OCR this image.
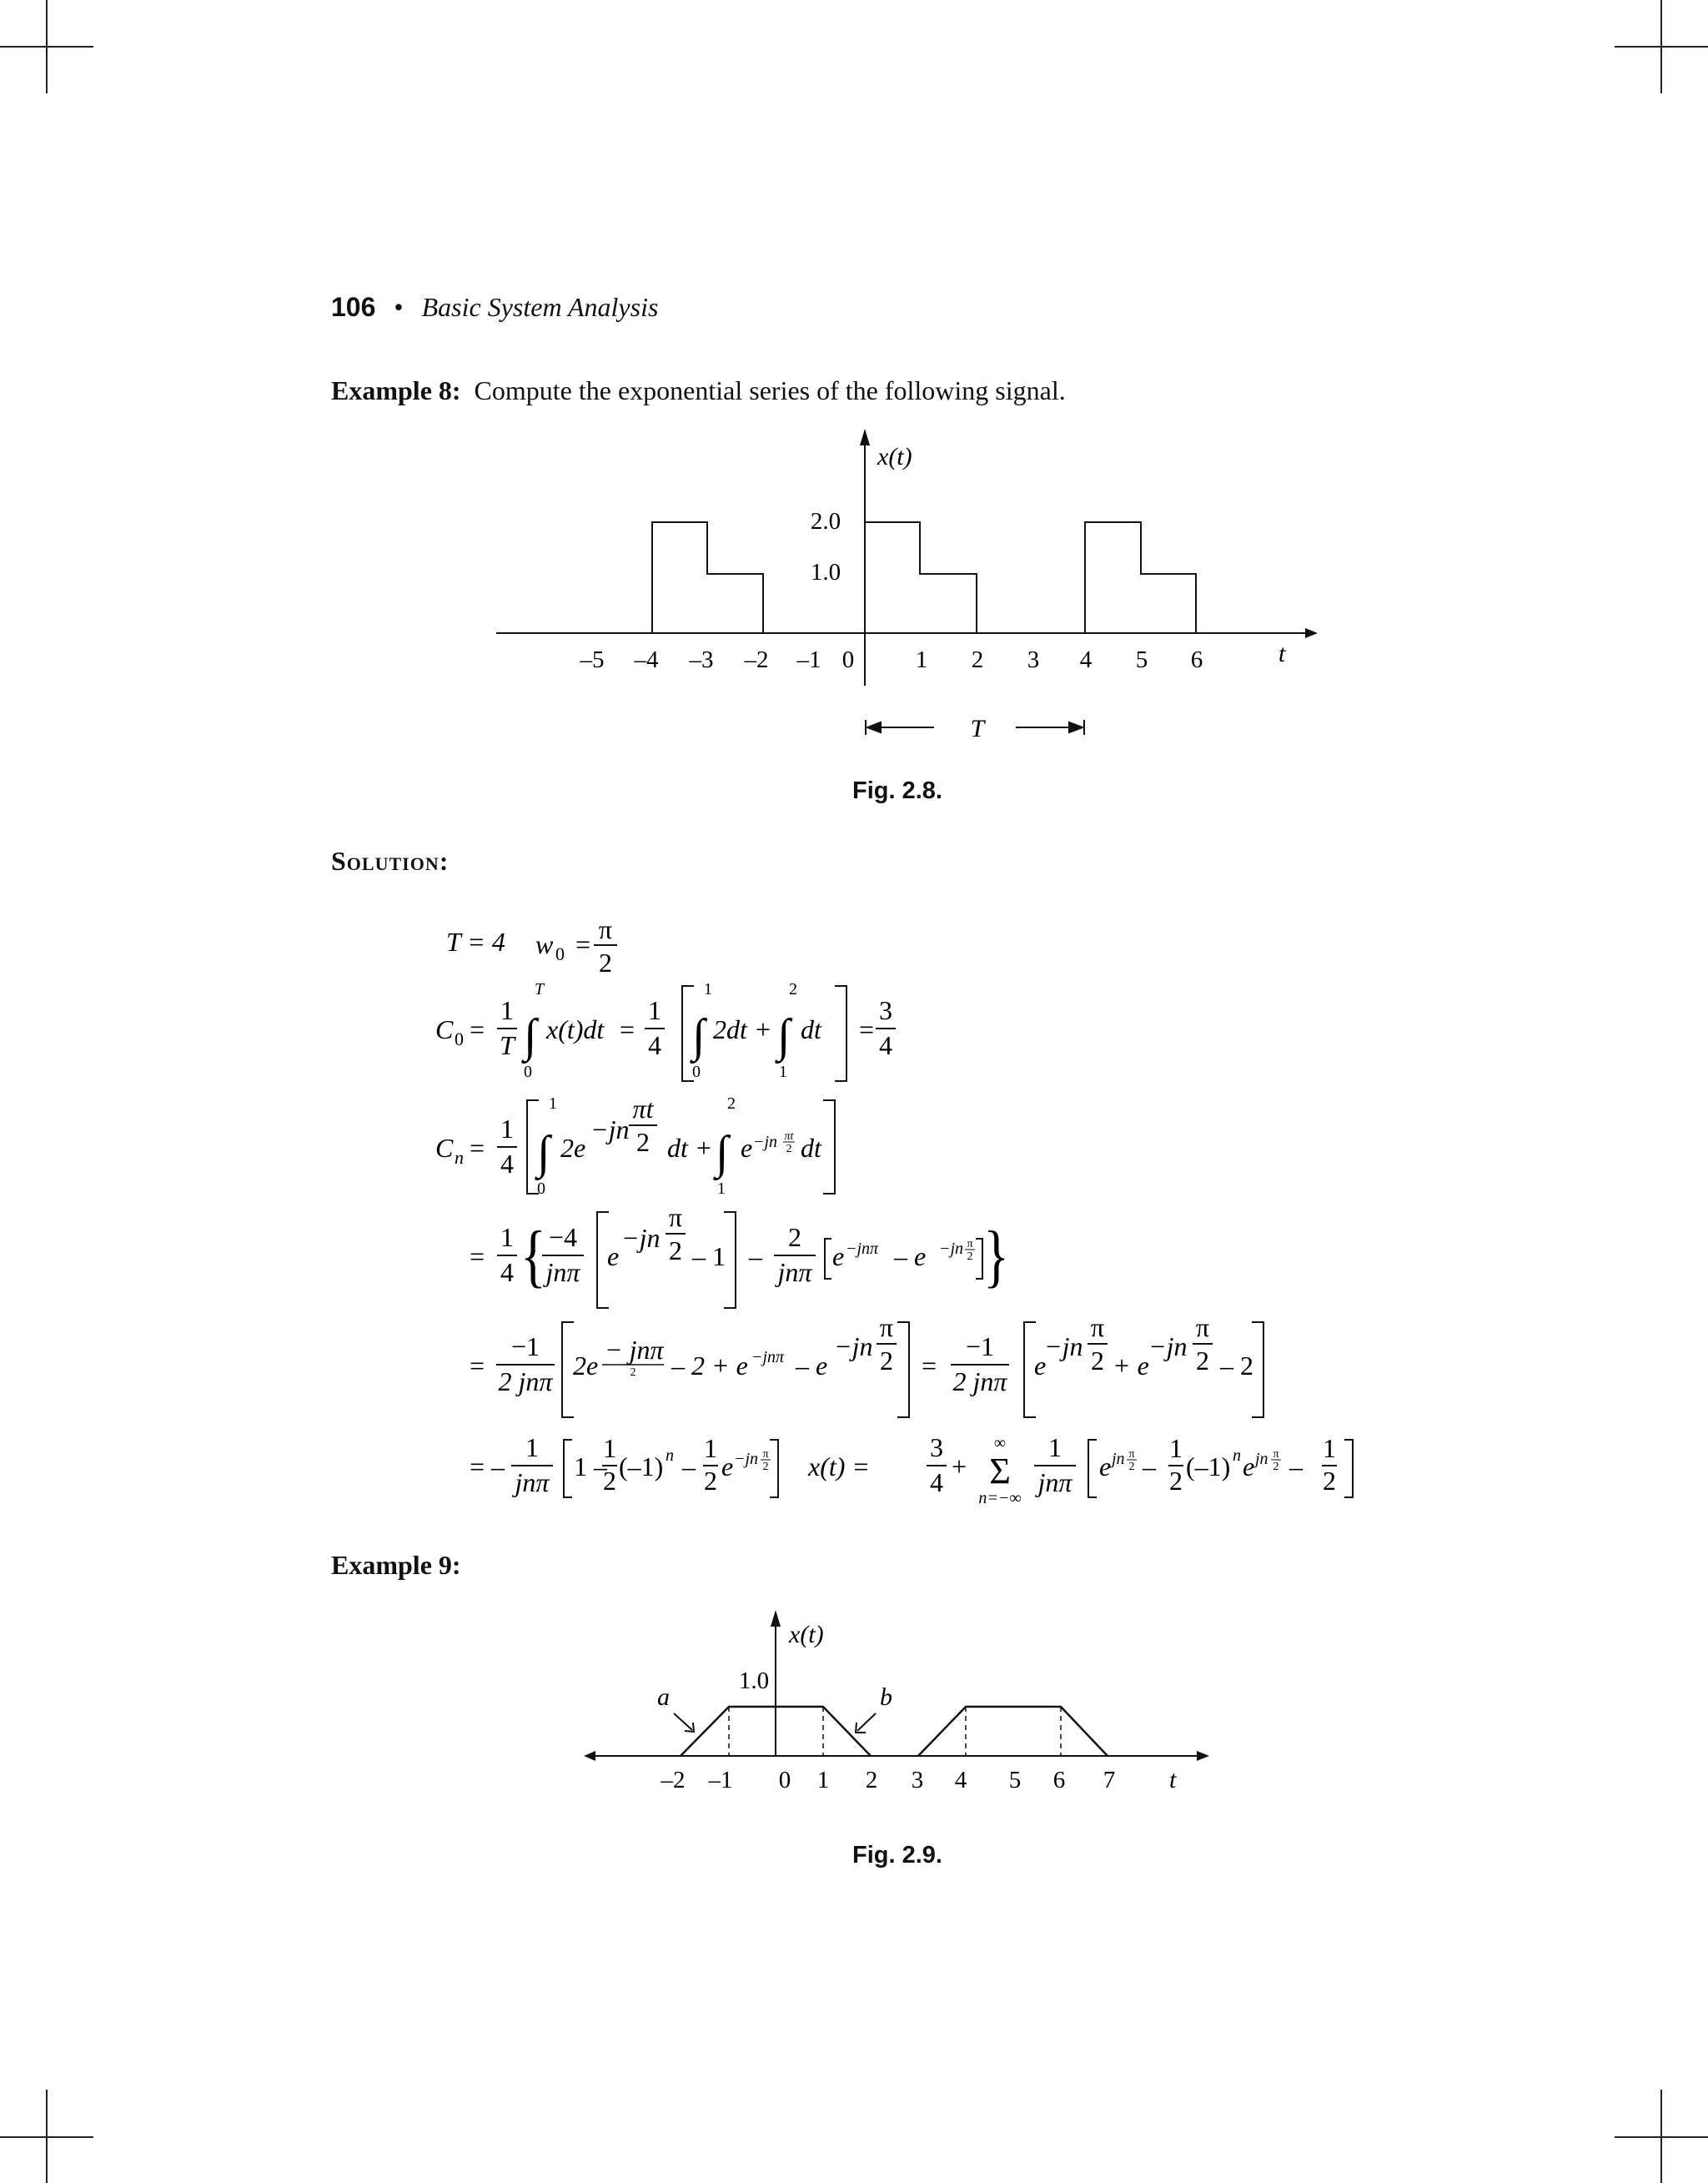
106 • Basic System Analysis
Example 8: Compute the exponential series of the following signal.
x(t)
2.0
1.0
t
–5 –4 –3 –2 –1 0	1 2 3 4 5 6
T
Fig. 2.8.
Solution:
T = 4 w 0 = π
2
C 0 =
1
T
T
∫
0
x(t)dt =
1
4
1
∫
0
2dt +
2
∫
1
dt =
3
4
C n =
1
4
1
∫
0
2e
−jn
πt
2 dt +
2
∫
1
e −jn πt
2 dt
=
1
4 { −4
jnπ
e
−jn
π
2 – 1 –
2
jnπ
e −jnπ – e −jn π
2 }
=
−1
2 jnπ
2e
− jnπ
2 – 2 + e −jnπ – e
−jn
π
2 =
−1
2 jnπ
e
−jn
π
2 + e
−jn
π
2 – 2
= –
1
jnπ
1 –
1
2 (–1) n –
1
2 e −jn π
2 x(t) =
3
4
+
∞
Σ
n=−∞
1
jnπ
e jn π
2 –
1
2 (–1) n e jn π
2 –
1
2
Example 9:
x(t)
1.0
a	b
t
–2 –1 0 1 2 3 4 5 6 7
Fig. 2.9.
